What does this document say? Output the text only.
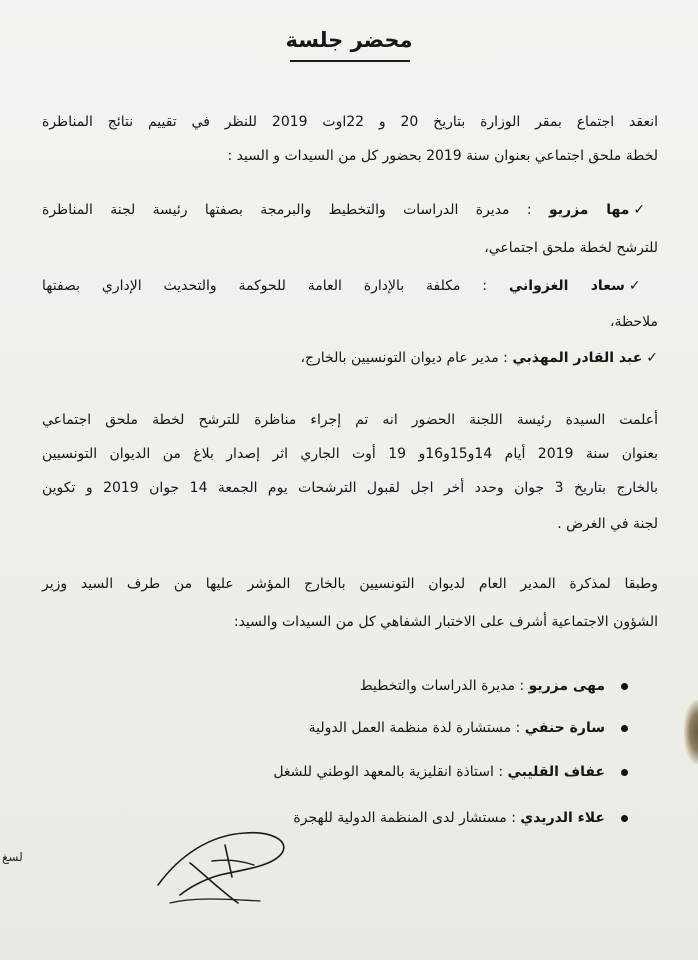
محضر جلسة
انعقد اجتماع بمقر الوزارة بتاريخ 20 و 22اوت 2019 للنظر في تقييم نتائج المناظرة
لخطة ملحق اجتماعي بعنوان سنة 2019 بحضور كل من السيدات و السيد :
✓مها مزريو : مديرة الدراسات والتخطيط والبرمجة بصفتها رئيسة لجنة المناظرة
للترشح لخطة ملحق اجتماعي،
✓سعاد الغزواني : مكلفة بالإدارة العامة للحوكمة والتحديث الإداري بصفتها
ملاحظة،
✓عبد القادر المهذبي : مدير عام ديوان التونسيين بالخارج،
أعلمت السيدة رئيسة اللجنة الحضور انه تم إجراء مناظرة للترشح لخطة ملحق اجتماعي
بعنوان سنة 2019 أيام 14و15و16و 19 أوت الجاري اثر إصدار بلاغ من الديوان التونسيين
بالخارج بتاريخ 3 جوان وحدد أخر اجل لقبول الترشحات يوم الجمعة 14 جوان 2019 و تكوين
لجنة في الغرض .
وطبقا لمذكرة المدير العام لديوان التونسيين بالخارج المؤشر عليها من طرف السيد وزير
الشؤون الاجتماعية أشرف على الاختبار الشفاهي كل من السيدات والسيد:
مهى مزريو : مديرة الدراسات والتخطيط
سارة حنفي : مستشارة لدة منظمة العمل الدولية
عفاف القليبي : استاذة انقليزية بالمعهد الوطني للشغل
علاء الدريدي : مستشار لدى المنظمة الدولية للهجرة
لسغ
